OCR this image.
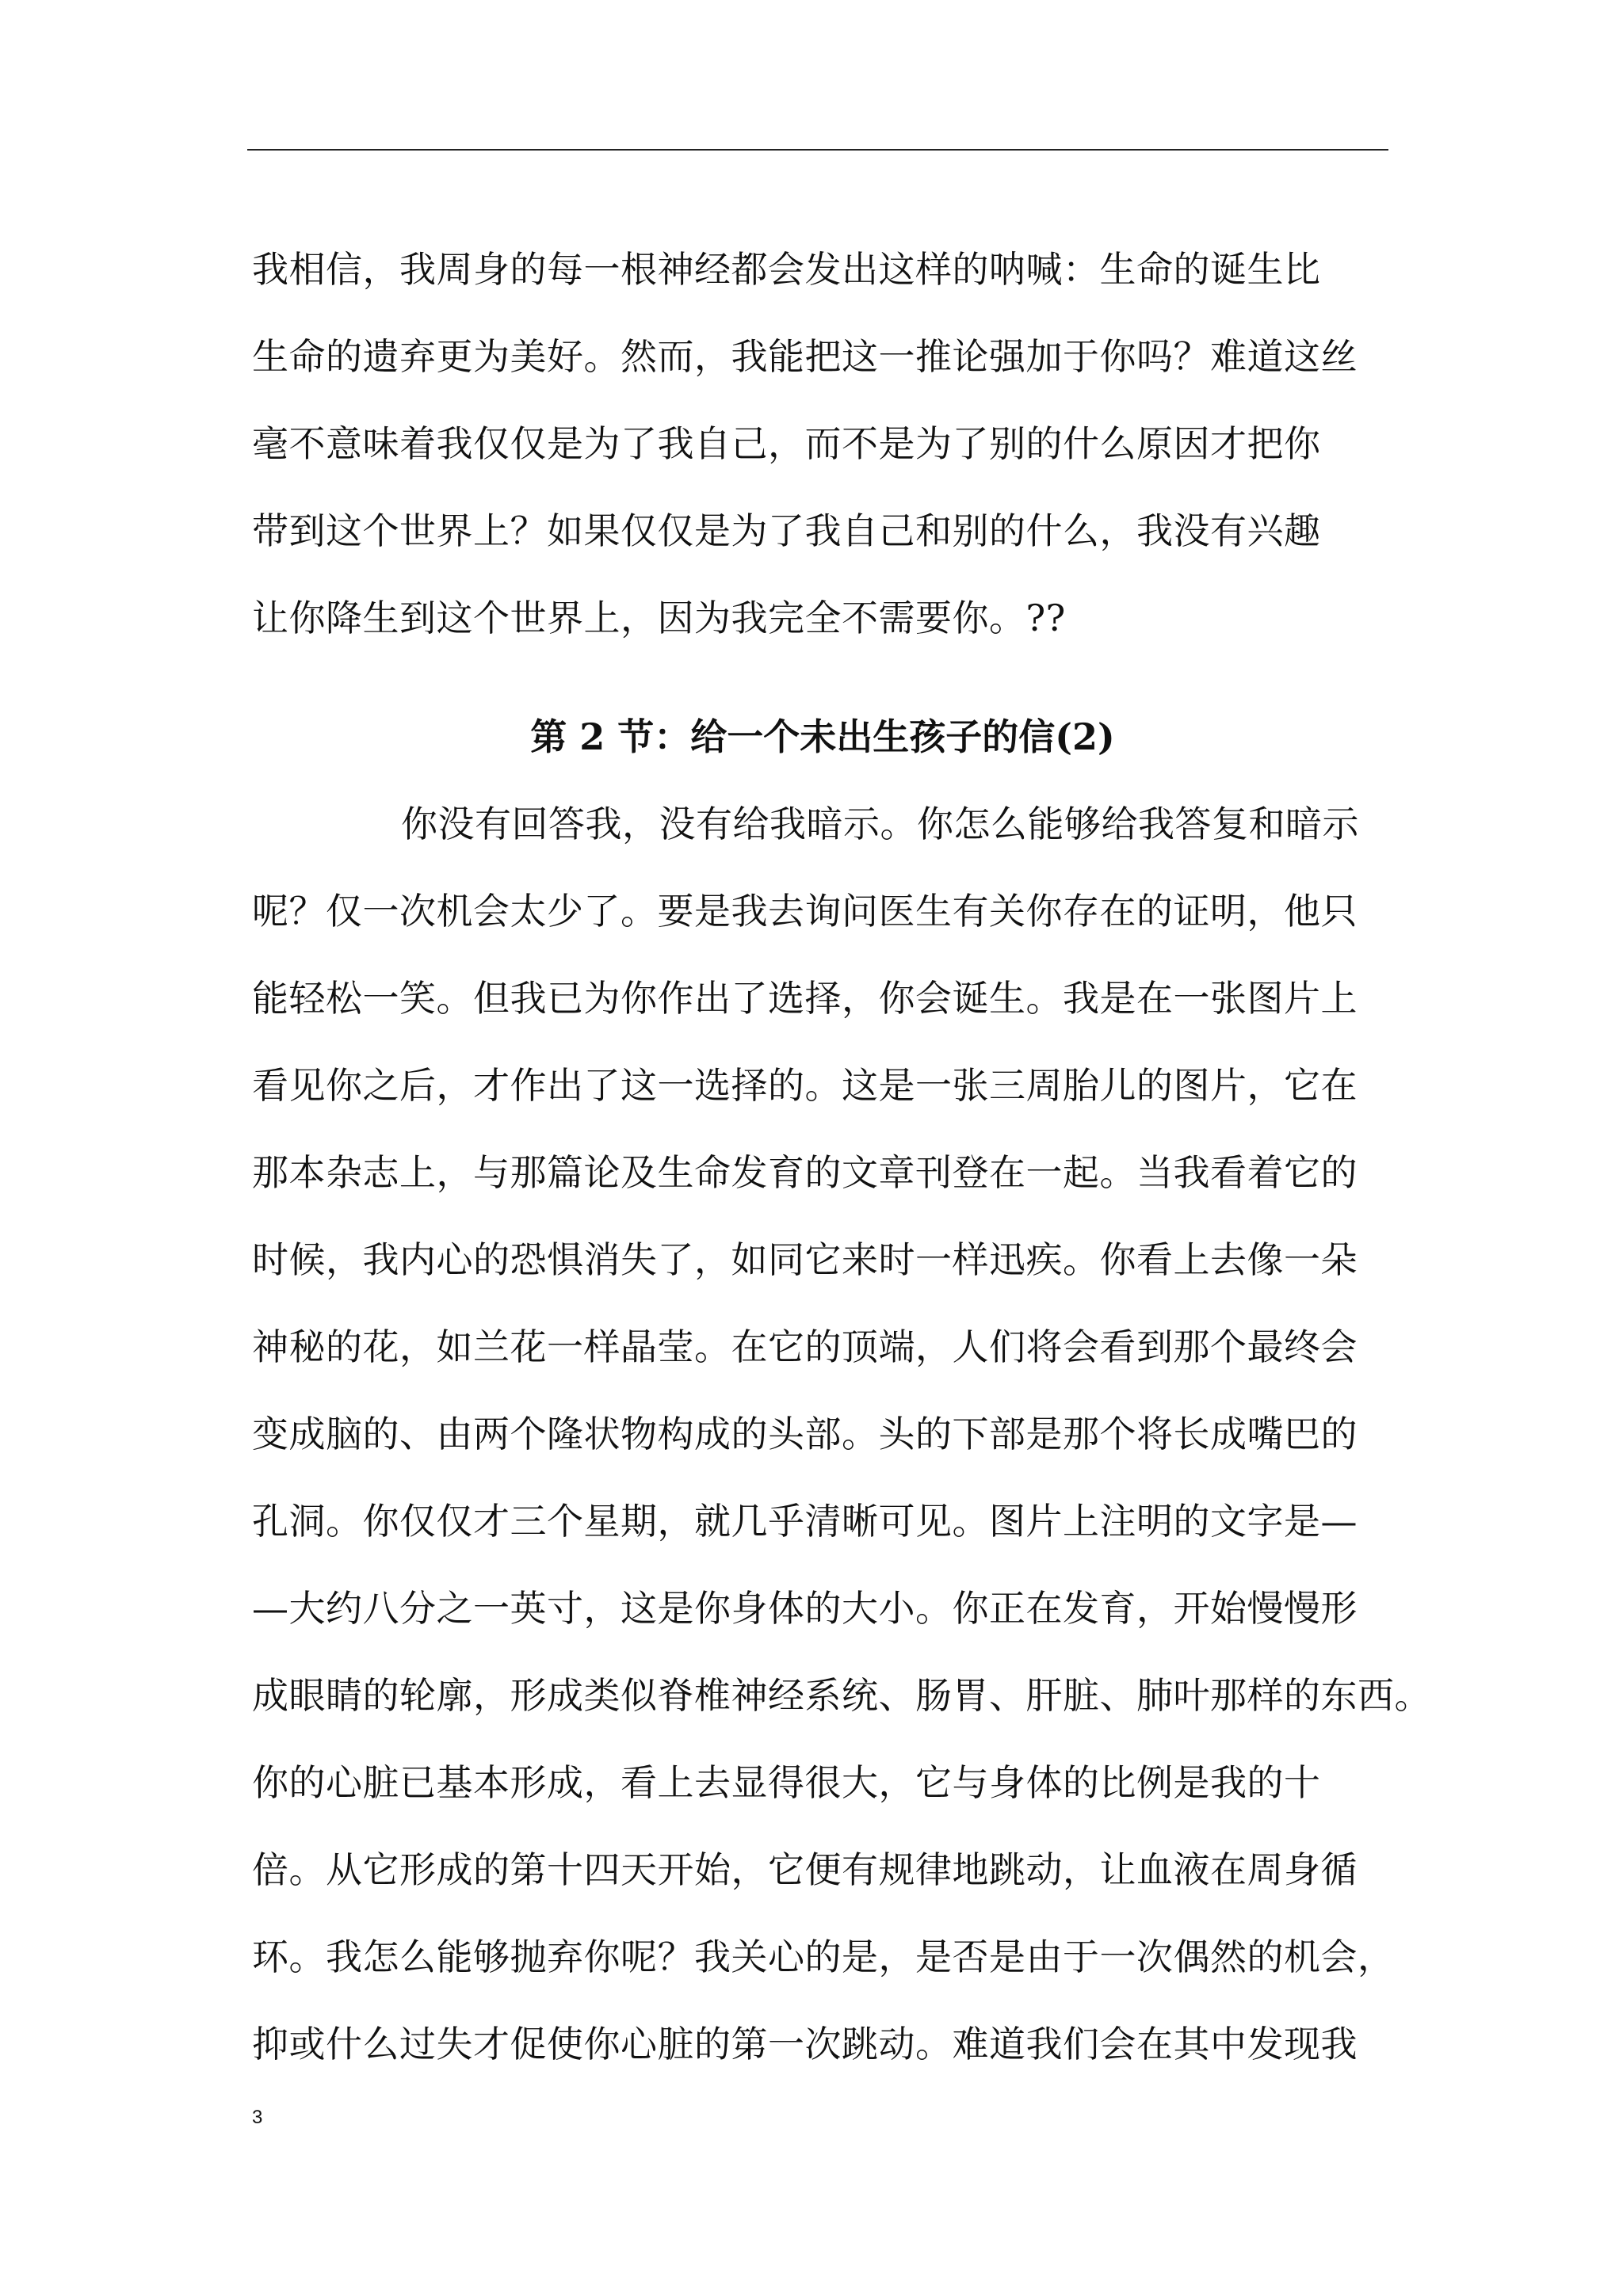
我相信，我周身的每一根神经都会发出这样的呐喊：生命的诞生比
生命的遗弃更为美好。然而，我能把这一推论强加于你吗？难道这丝
毫不意味着我仅仅是为了我自己，而不是为了别的什么原因才把你
带到这个世界上？如果仅仅是为了我自己和别的什么，我没有兴趣
让你降生到这个世界上，因为我完全不需要你。??
第 2 节：给一个未出生孩子的信(2)
你没有回答我，没有给我暗示。你怎么能够给我答复和暗示
呢？仅一次机会太少了。要是我去询问医生有关你存在的证明，他只
能轻松一笑。但我已为你作出了选择，你会诞生。我是在一张图片上
看见你之后，才作出了这一选择的。这是一张三周胎儿的图片，它在
那本杂志上，与那篇论及生命发育的文章刊登在一起。当我看着它的
时候，我内心的恐惧消失了，如同它来时一样迅疾。你看上去像一朵
神秘的花，如兰花一样晶莹。在它的顶端，人们将会看到那个最终会
变成脑的、由两个隆状物构成的头部。头的下部是那个将长成嘴巴的
孔洞。你仅仅才三个星期，就几乎清晰可见。图片上注明的文字是—
—大约八分之一英寸，这是你身体的大小。你正在发育，开始慢慢形
成眼睛的轮廓，形成类似脊椎神经系统、肠胃、肝脏、肺叶那样的东西。
你的心脏已基本形成，看上去显得很大，它与身体的比例是我的十
倍。从它形成的第十四天开始，它便有规律地跳动，让血液在周身循
环。我怎么能够抛弃你呢？我关心的是，是否是由于一次偶然的机会，
抑或什么过失才促使你心脏的第一次跳动。难道我们会在其中发现我
3
